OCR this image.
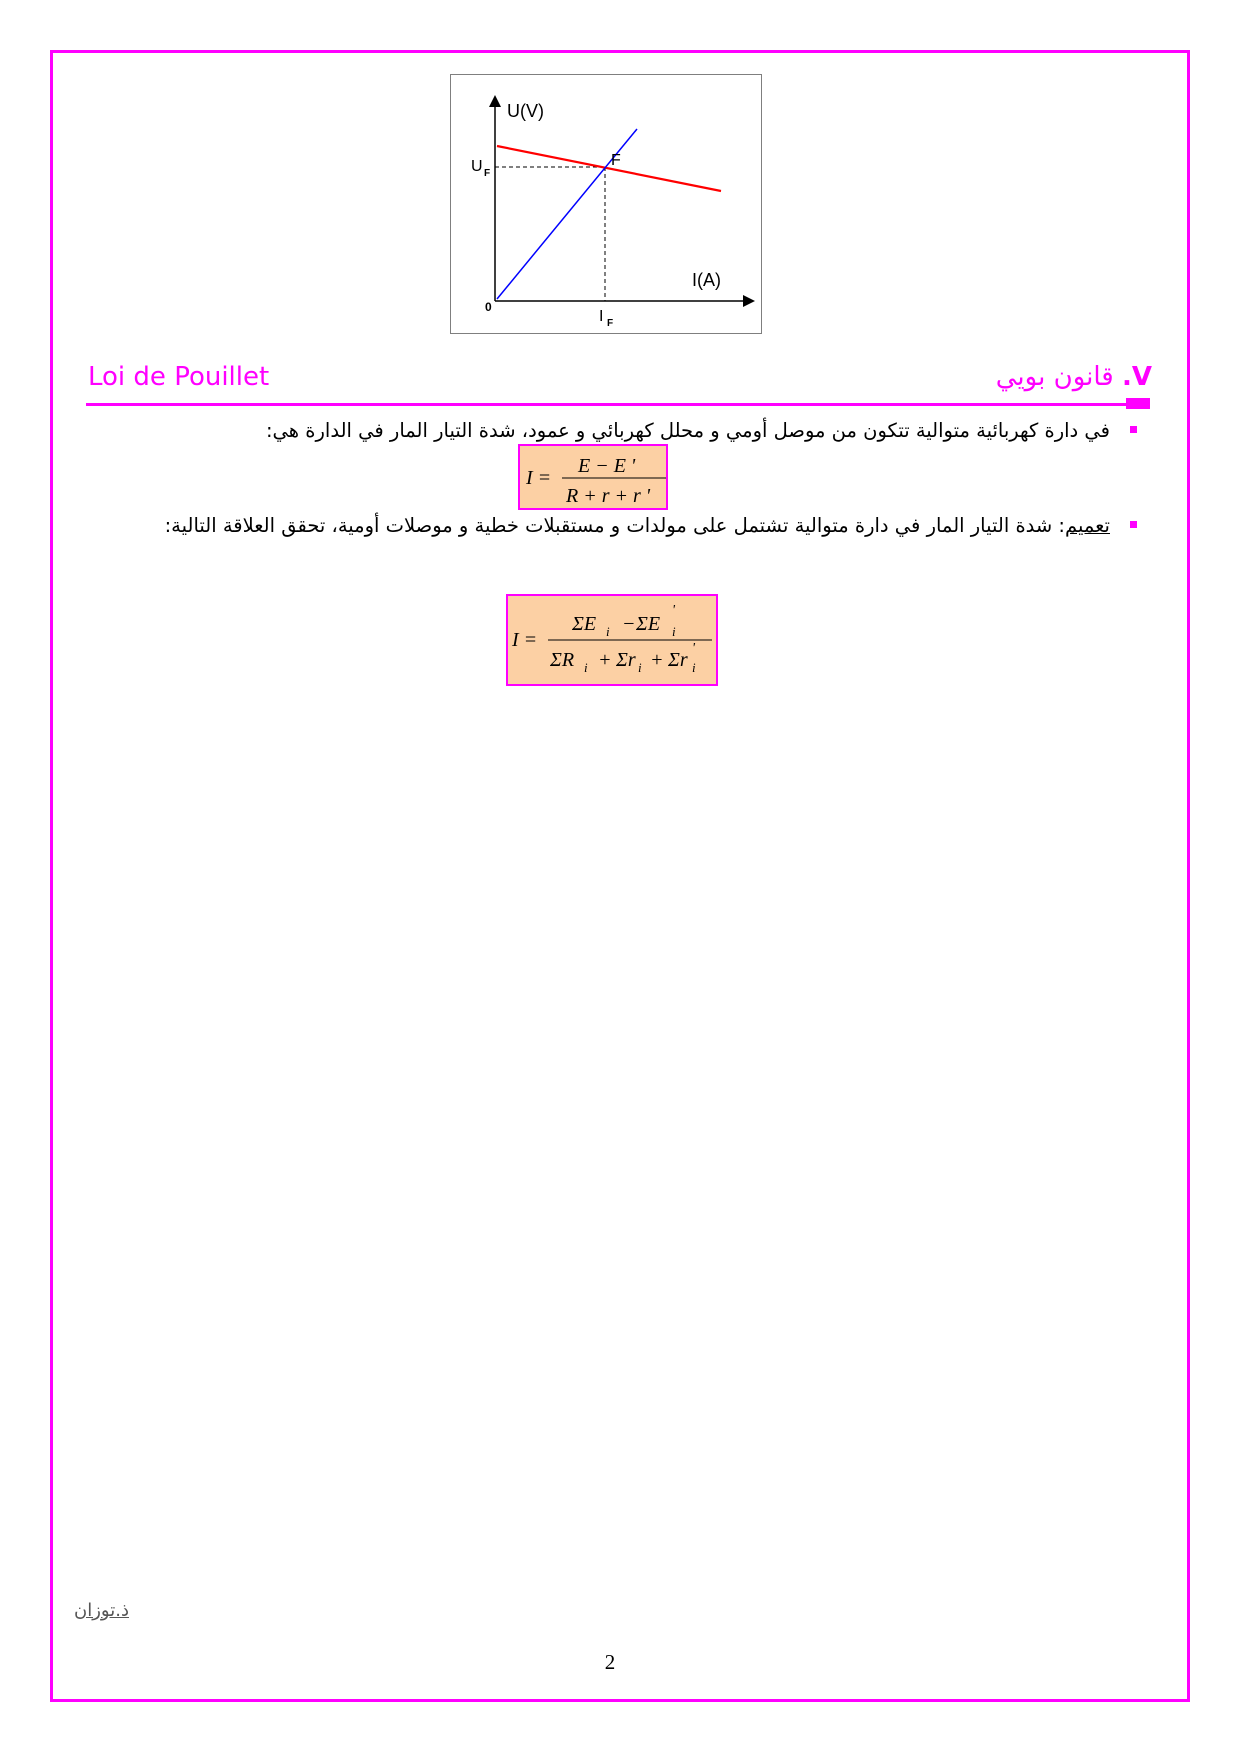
U(V)
I(A)
0
F
U F
I F
V. قانون بويي
Loi de Pouillet
في دارة كهربائية متوالية تتكون من موصل أومي و محلل كهربائي و عمود، شدة التيار المار في الدارة هي:
I =
E − E '
R + r + r '
تعميم: شدة التيار المار في دارة متوالية تشتمل على مولدات و مستقبلات خطية و موصلات أومية، تحقق العلاقة التالية:
I =
ΣE i − ΣE
'
i
ΣR i + Σr i + Σr
'
i
ذ.توزان
2
